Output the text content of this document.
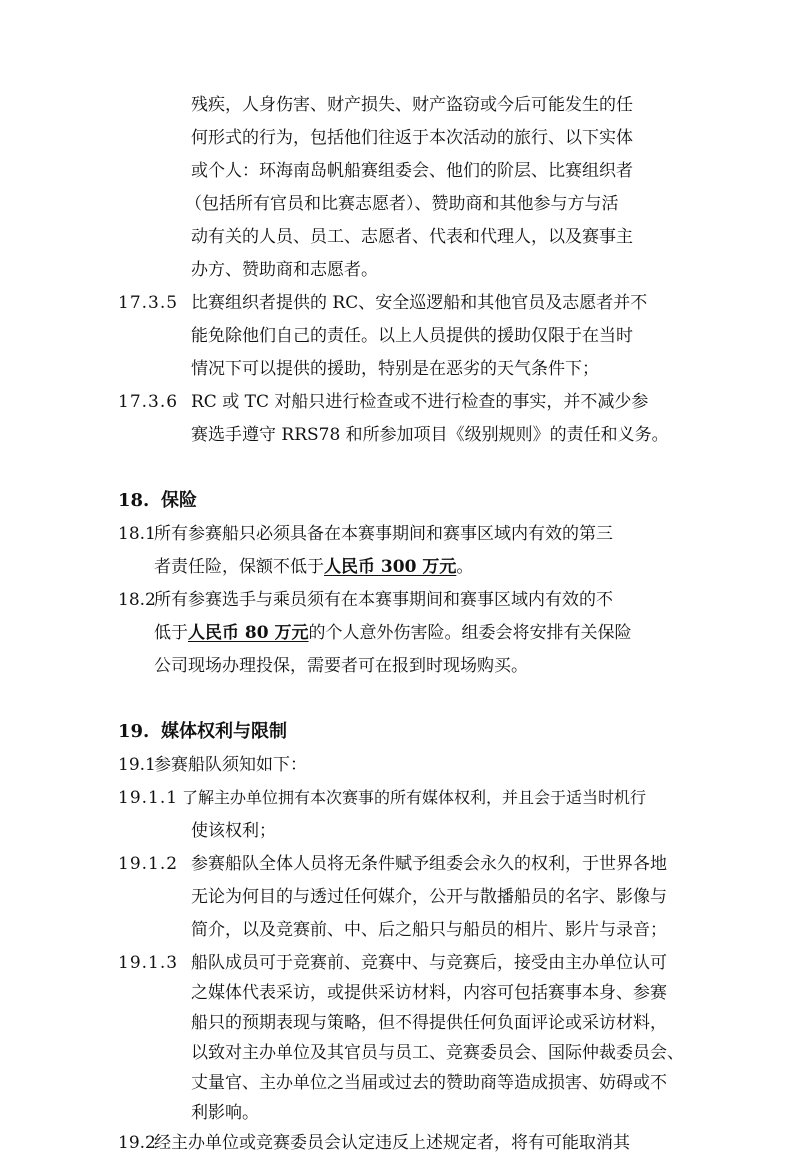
残疾，人身伤害、财产损失、财产盗窃或今后可能发生的任
何形式的行为，包括他们往返于本次活动的旅行、以下实体
或个人：环海南岛帆船赛组委会、他们的阶层、比赛组织者
（包括所有官员和比赛志愿者）、赞助商和其他参与方与活
动有关的人员、员工、志愿者、代表和代理人，以及赛事主
办方、赞助商和志愿者。
17.3.5 比赛组织者提供的 RC、安全巡逻船和其他官员及志愿者并不
能免除他们自己的责任。以上人员提供的援助仅限于在当时
情况下可以提供的援助，特别是在恶劣的天气条件下；
17.3.6 RC 或 TC 对船只进行检查或不进行检查的事实，并不减少参
赛选手遵守 RRS78 和所参加项目《级别规则》的责任和义务。
18. 保险
18.1
所有参赛船只必须具备在本赛事期间和赛事区域内有效的第三
者责任险，保额不低于人民币 300 万元。
18.2
所有参赛选手与乘员须有在本赛事期间和赛事区域内有效的不
低于人民币 80 万元的个人意外伤害险。组委会将安排有关保险
公司现场办理投保，需要者可在报到时现场购买。
19. 媒体权利与限制
19.1
参赛船队须知如下：
19.1.1 了解主办单位拥有本次赛事的所有媒体权利，并且会于适当时机行
使该权利；
19.1.2 参赛船队全体人员将无条件赋予组委会永久的权利，于世界各地
无论为何目的与透过任何媒介，公开与散播船员的名字、影像与
简介，以及竞赛前、中、后之船只与船员的相片、影片与录音；
19.1.3 船队成员可于竞赛前、竞赛中、与竞赛后，接受由主办单位认可
之媒体代表采访，或提供采访材料，内容可包括赛事本身、参赛
船只的预期表现与策略，但不得提供任何负面评论或采访材料，
以致对主办单位及其官员与员工、竞赛委员会、国际仲裁委员会、
丈量官、主办单位之当届或过去的赞助商等造成损害、妨碍或不
利影响。
19.2
经主办单位或竞赛委员会认定违反上述规定者，将有可能取消其
